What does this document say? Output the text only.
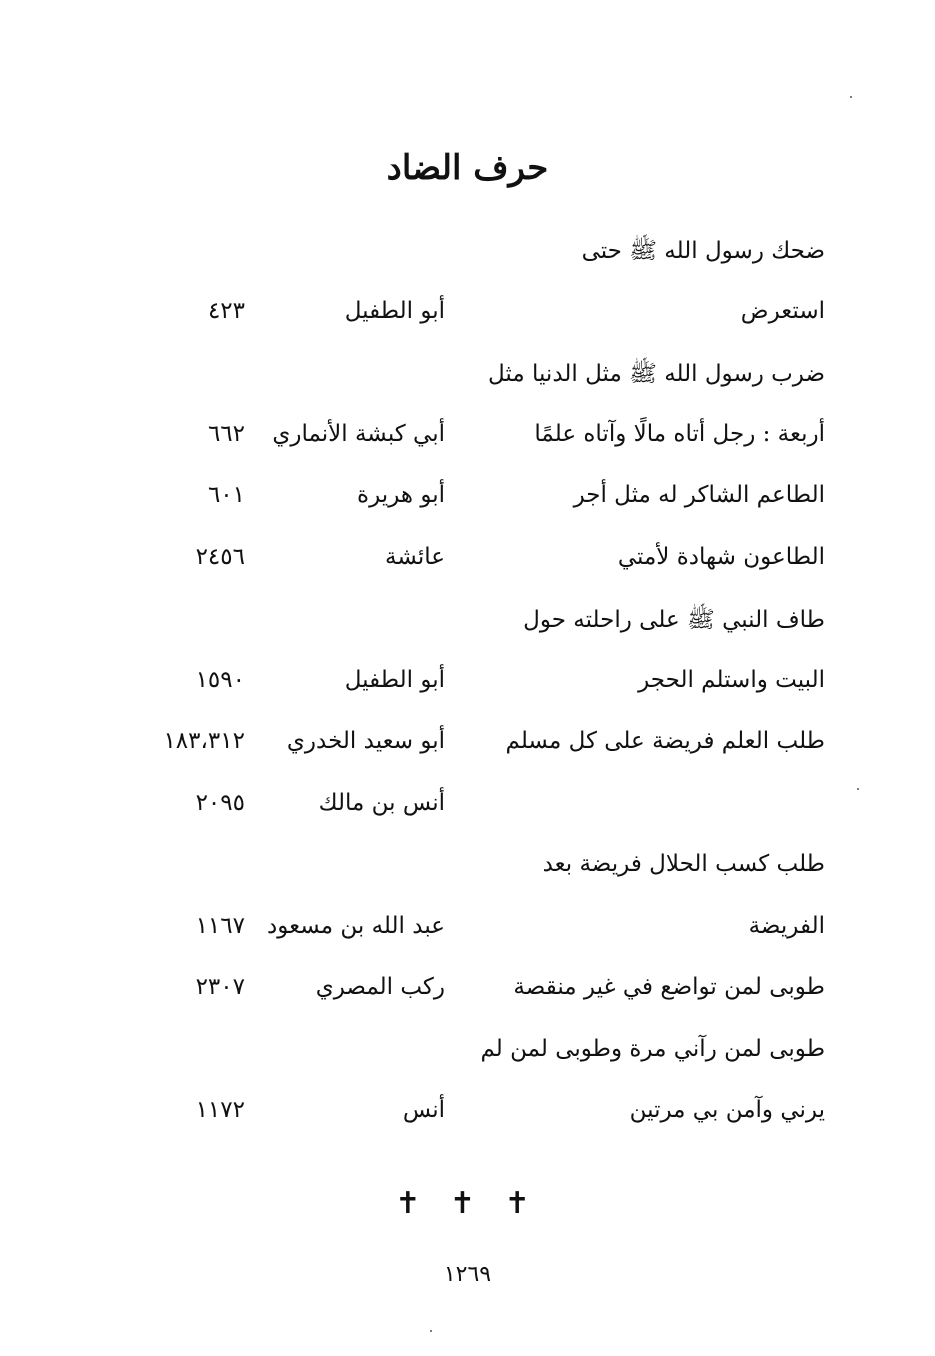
حرف الضاد
ضحك رسول الله ﷺ حتى
استعرض
أبو الطفيل
٤٢٣
ضرب رسول الله ﷺ مثل الدنيا مثل
أربعة : رجل أتاه مالًا وآتاه علمًا
أبي كبشة الأنماري
٦٦٢
الطاعم الشاكر له مثل أجر
أبو هريرة
٦٠١
الطاعون شهادة لأمتي
عائشة
٢٤٥٦
طاف النبي ﷺ على راحلته حول
البيت واستلم الحجر
أبو الطفيل
١٥٩٠
طلب العلم فريضة على كل مسلم
أبو سعيد الخدري
١٨٣،٣١٢
أنس بن مالك
٢٠٩٥
طلب كسب الحلال فريضة بعد
الفريضة
عبد الله بن مسعود
١١٦٧
طوبى لمن تواضع في غير منقصة
ركب المصري
٢٣٠٧
طوبى لمن رآني مرة وطوبى لمن لم
يرني وآمن بي مرتين
أنس
١١٧٢
✝ ✝ ✝
١٢٦٩
